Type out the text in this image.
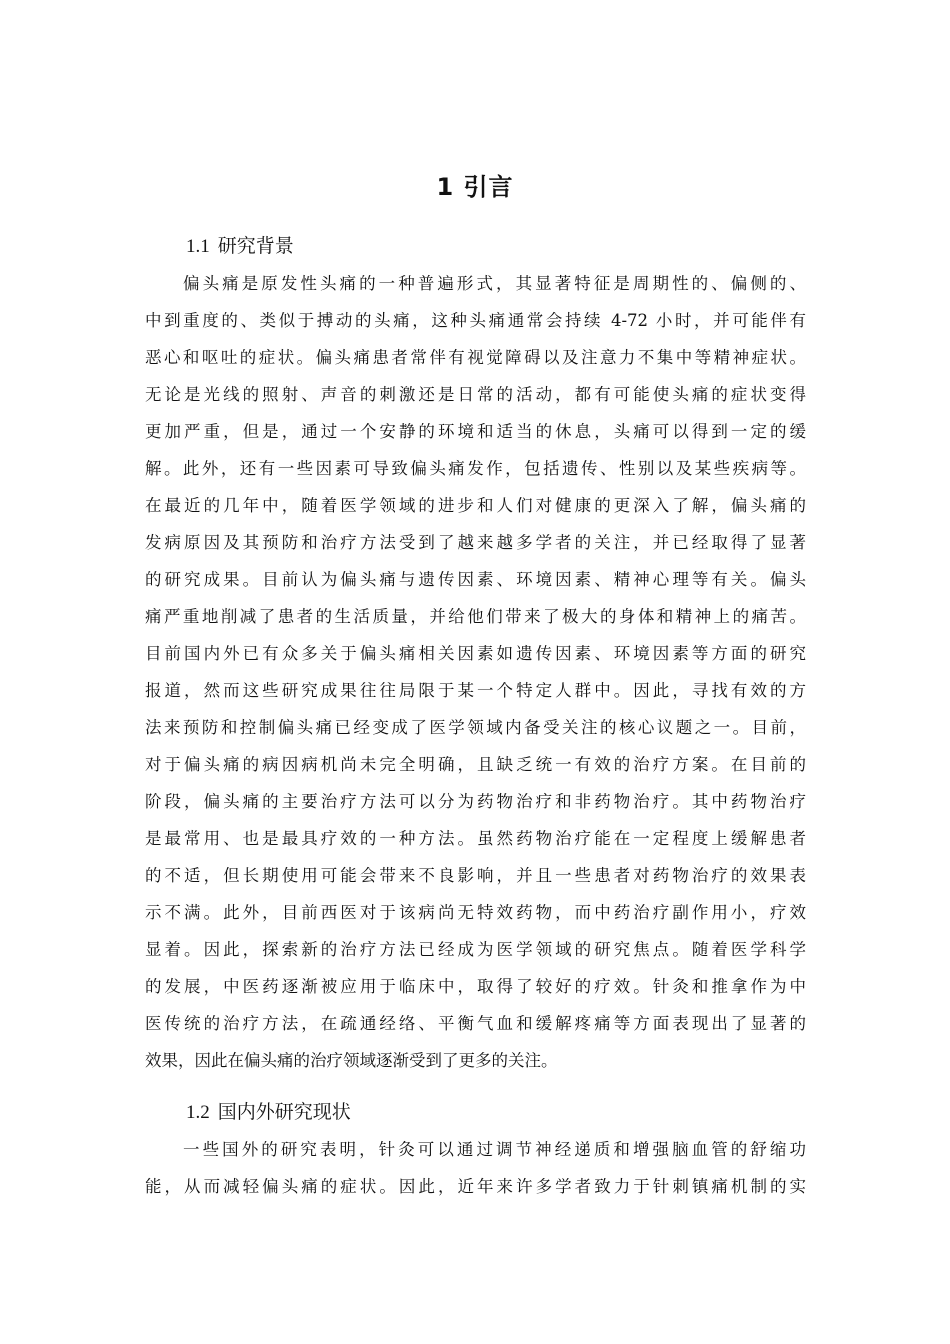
1 引言
1.1 研究背景
偏头痛是原发性头痛的一种普遍形式，其显著特征是周期性的、偏侧的、
中到重度的、类似于搏动的头痛，这种头痛通常会持续 4-72 小时，并可能伴有
恶心和呕吐的症状。偏头痛患者常伴有视觉障碍以及注意力不集中等精神症状。
无论是光线的照射、声音的刺激还是日常的活动，都有可能使头痛的症状变得
更加严重，但是，通过一个安静的环境和适当的休息，头痛可以得到一定的缓
解。此外，还有一些因素可导致偏头痛发作，包括遗传、性别以及某些疾病等。
在最近的几年中，随着医学领域的进步和人们对健康的更深入了解，偏头痛的
发病原因及其预防和治疗方法受到了越来越多学者的关注，并已经取得了显著
的研究成果。目前认为偏头痛与遗传因素、环境因素、精神心理等有关。偏头
痛严重地削减了患者的生活质量，并给他们带来了极大的身体和精神上的痛苦。
目前国内外已有众多关于偏头痛相关因素如遗传因素、环境因素等方面的研究
报道，然而这些研究成果往往局限于某一个特定人群中。因此，寻找有效的方
法来预防和控制偏头痛已经变成了医学领域内备受关注的核心议题之一。目前，
对于偏头痛的病因病机尚未完全明确，且缺乏统一有效的治疗方案。在目前的
阶段，偏头痛的主要治疗方法可以分为药物治疗和非药物治疗。其中药物治疗
是最常用、也是最具疗效的一种方法。虽然药物治疗能在一定程度上缓解患者
的不适，但长期使用可能会带来不良影响，并且一些患者对药物治疗的效果表
示不满。此外，目前西医对于该病尚无特效药物，而中药治疗副作用小，疗效
显着。因此，探索新的治疗方法已经成为医学领域的研究焦点。随着医学科学
的发展，中医药逐渐被应用于临床中，取得了较好的疗效。针灸和推拿作为中
医传统的治疗方法，在疏通经络、平衡气血和缓解疼痛等方面表现出了显著的
效果，因此在偏头痛的治疗领域逐渐受到了更多的关注。
1.2 国内外研究现状
一些国外的研究表明，针灸可以通过调节神经递质和增强脑血管的舒缩功
能，从而减轻偏头痛的症状。因此，近年来许多学者致力于针刺镇痛机制的实
